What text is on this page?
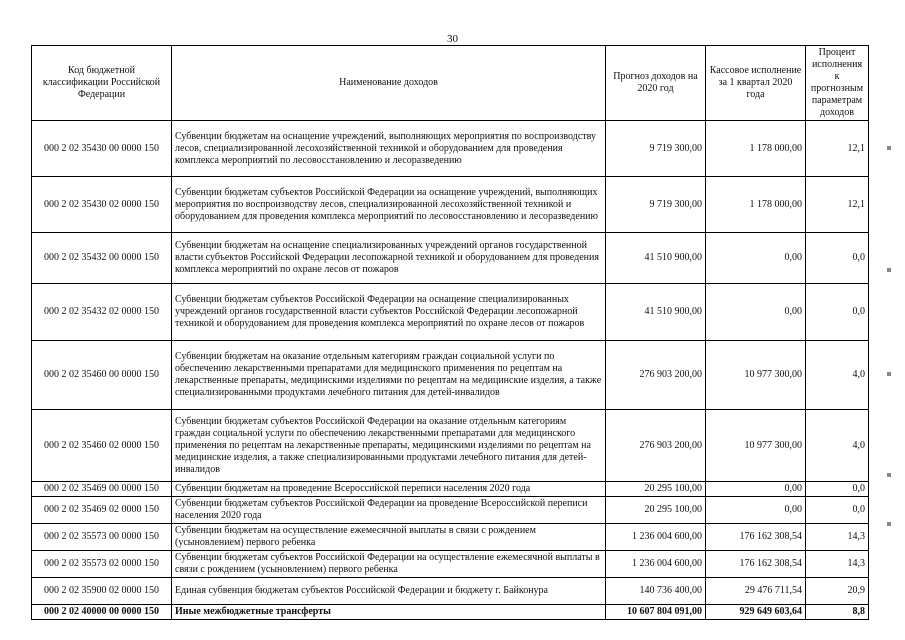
30
Код бюджетной классификации Российской Федерации	Наименование доходов	Прогноз доходов на 2020 год	Кассовое исполнение за 1 квартал 2020 года	Процент исполнения к прогнозным параметрам доходов
000 2 02 35430 00 0000 150	Субвенции бюджетам на оснащение учреждений, выполняющих мероприятия по воспроизводству лесов, специализированной лесохозяйственной техникой и оборудованием для проведения комплекса мероприятий по лесовосстановлению и лесоразведению	9 719 300,00	1 178 000,00	12,1
000 2 02 35430 02 0000 150	Субвенции бюджетам субъектов Российской Федерации на оснащение учреждений, выполняющих мероприятия по воспроизводству лесов, специализированной лесохозяйственной техникой и оборудованием для проведения комплекса мероприятий по лесовосстановлению и лесоразведению	9 719 300,00	1 178 000,00	12,1
000 2 02 35432 00 0000 150	Субвенции бюджетам на оснащение специализированных учреждений органов государственной власти субъектов Российской Федерации лесопожарной техникой и оборудованием для проведения комплекса мероприятий по охране лесов от пожаров	41 510 900,00	0,00	0,0
000 2 02 35432 02 0000 150	Субвенции бюджетам субъектов Российской Федерации на оснащение специализированных учреждений органов государственной власти субъектов Российской Федерации лесопожарной техникой и оборудованием для проведения комплекса мероприятий по охране лесов от пожаров	41 510 900,00	0,00	0,0
000 2 02 35460 00 0000 150	Субвенции бюджетам на оказание отдельным категориям граждан социальной услуги по обеспечению лекарственными препаратами для медицинского применения по рецептам на лекарственные препараты, медицинскими изделиями по рецептам на медицинские изделия, а также специализированными продуктами лечебного питания для детей-инвалидов	276 903 200,00	10 977 300,00	4,0
000 2 02 35460 02 0000 150	Субвенции бюджетам субъектов Российской Федерации на оказание отдельным категориям граждан социальной услуги по обеспечению лекарственными препаратами для медицинского применения по рецептам на лекарственные препараты, медицинскими изделиями по рецептам на медицинские изделия, а также специализированными продуктами лечебного питания для детей-инвалидов	276 903 200,00	10 977 300,00	4,0
000 2 02 35469 00 0000 150	Субвенции бюджетам на проведение Всероссийской переписи населения 2020 года	20 295 100,00	0,00	0,0
000 2 02 35469 02 0000 150	Субвенции бюджетам субъектов Российской Федерации на проведение Всероссийской переписи населения 2020 года	20 295 100,00	0,00	0,0
000 2 02 35573 00 0000 150	Субвенции бюджетам на осуществление ежемесячной выплаты в связи с рождением (усыновлением) первого ребенка	1 236 004 600,00	176 162 308,54	14,3
000 2 02 35573 02 0000 150	Субвенции бюджетам субъектов Российской Федерации на осуществление ежемесячной выплаты в связи с рождением (усыновлением) первого ребенка	1 236 004 600,00	176 162 308,54	14,3
000 2 02 35900 02 0000 150	Единая субвенция бюджетам субъектов Российской Федерации и бюджету г. Байконура	140 736 400,00	29 476 711,54	20,9
000 2 02 40000 00 0000 150	Иные межбюджетные трансферты	10 607 804 091,00	929 649 603,64	8,8
